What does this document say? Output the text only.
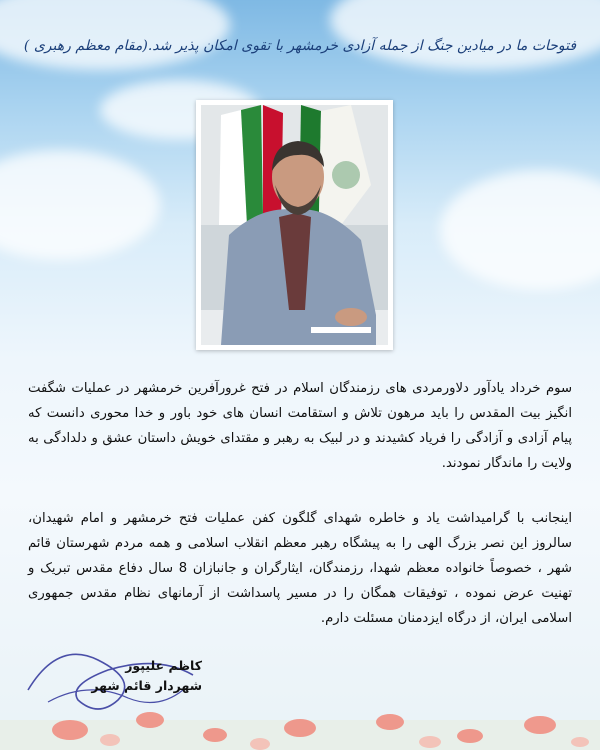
فتوحات ما در میادین جنگ از جمله آزادی خرمشهر با تقوی امکان پذیر شد.(مقام معظم رهبری )
سوم خرداد یادآور دلاورمردی های رزمندگان اسلام در فتح غرورآفرین خرمشهر در عملیات شگفت انگیز بیت المقدس را باید مرهون تلاش و استقامت انسان های خود باور و خدا محوری دانست که پیام آزادی و آزادگی را فریاد کشیدند و در لبیک به رهبر و مقتدای خویش داستان عشق و دلدادگی به ولایت را ماندگار نمودند.
اینجانب با گرامیداشت یاد و خاطره شهدای گلگون کفن عملیات فتح خرمشهر و امام شهیدان، سالروز این نصر بزرگ الهی را به پیشگاه رهبر معظم انقلاب اسلامی و همه مردم شهرستان قائم شهر ، خصوصاً خانواده معظم شهدا، رزمندگان، ایثارگران و جانبازان 8 سال دفاع مقدس تبریک و تهنیت عرض نموده ، توفیقات همگان را در مسیر پاسداشت از آرمانهای نظام مقدس جمهوری اسلامی ایران، از درگاه ایزدمنان مسئلت دارم.
کاظم علیپور
شهردار قائم شهر
